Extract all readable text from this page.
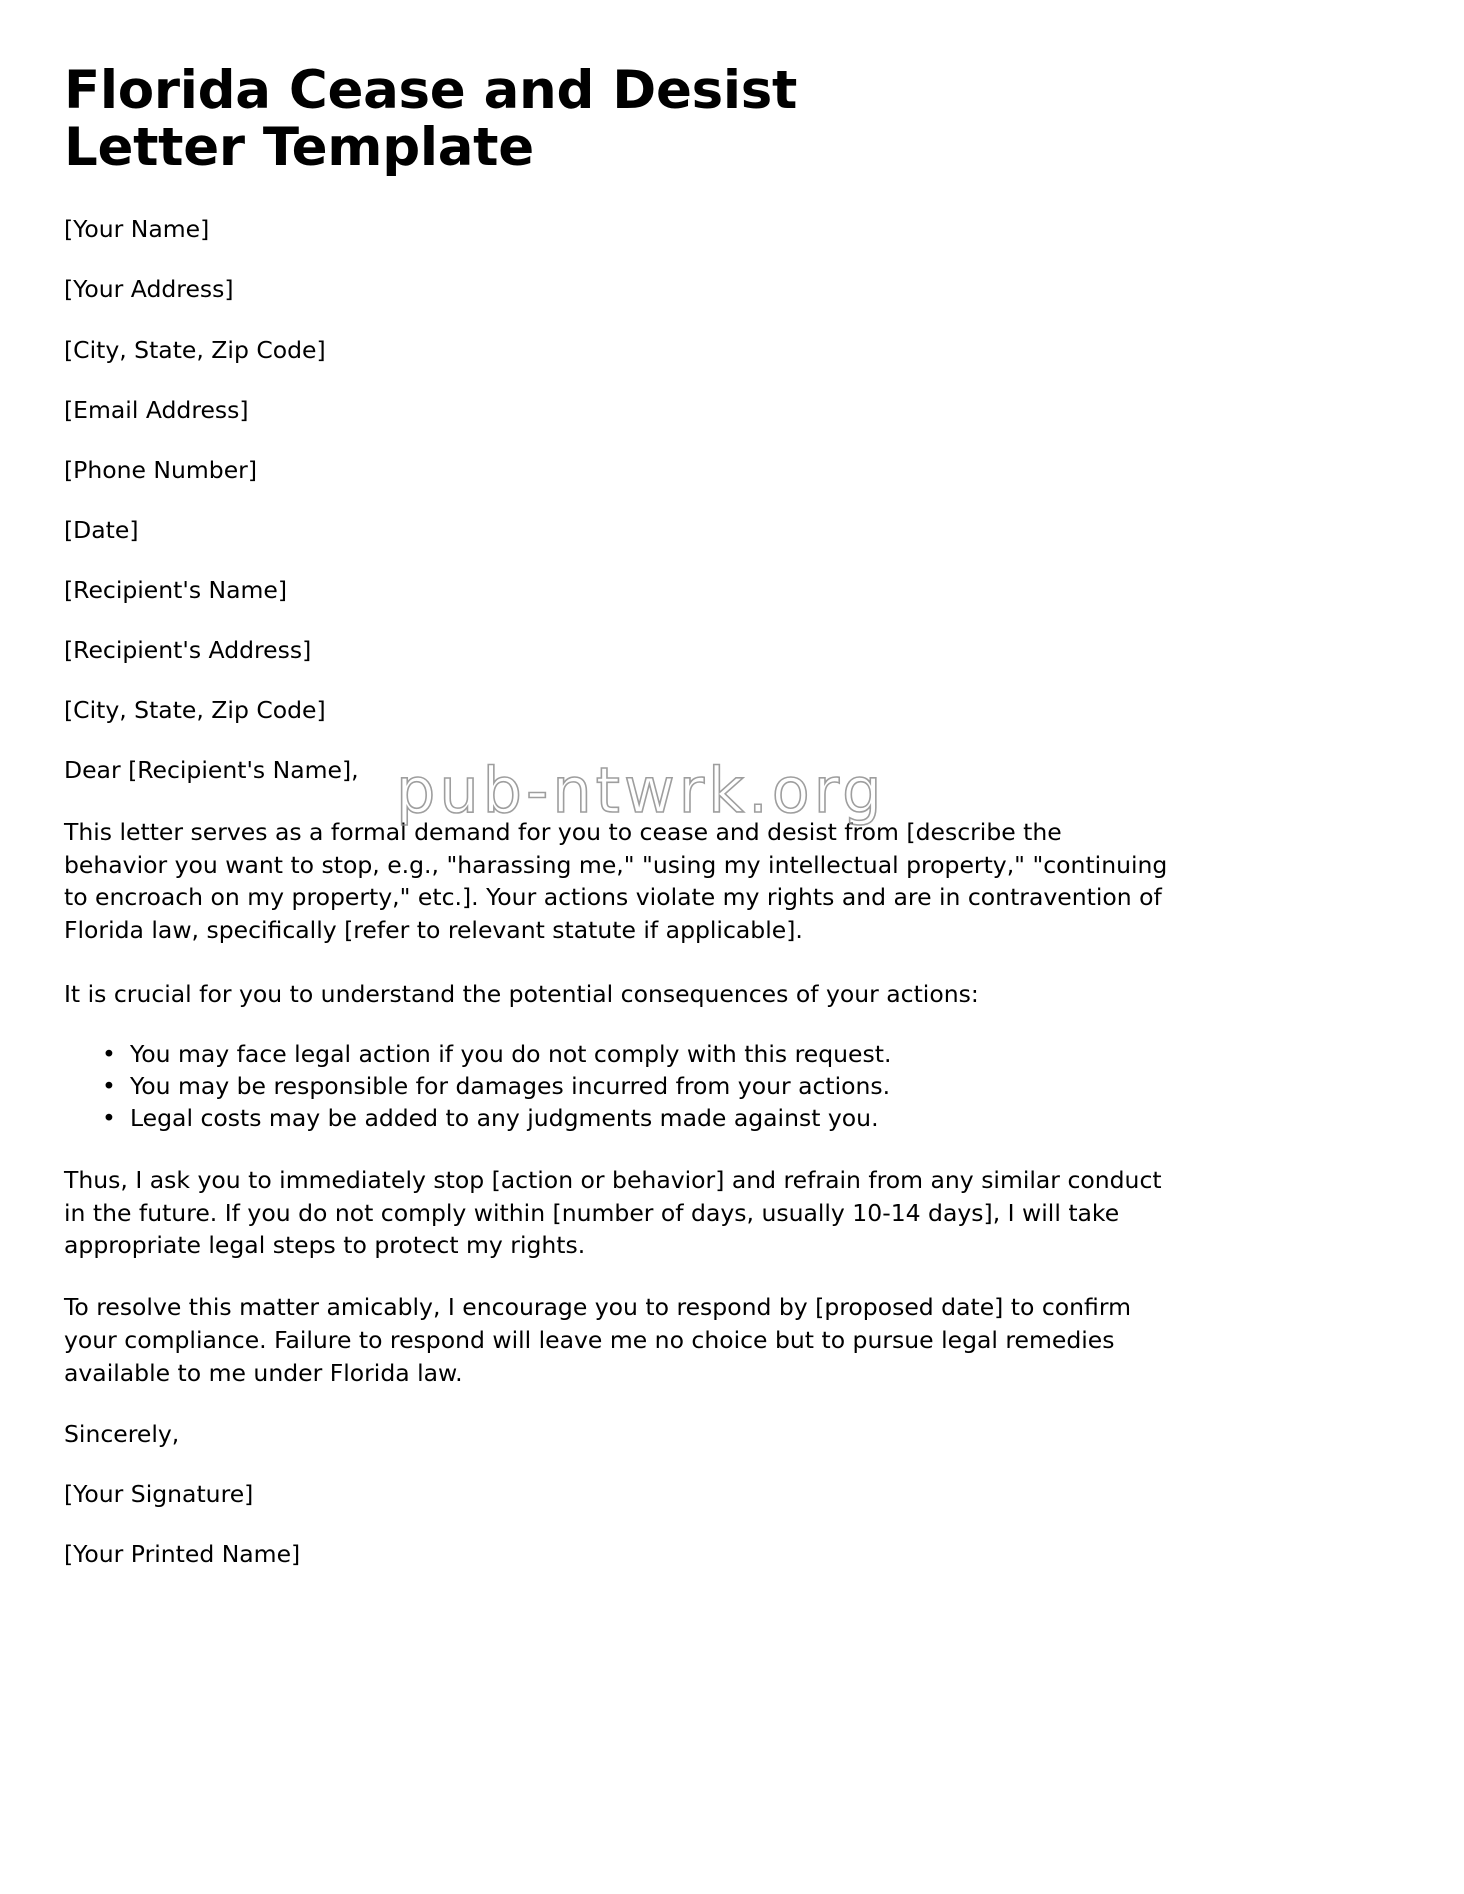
Florida Cease and Desist Letter Template

[Your Name]

[Your Address]

[City, State, Zip Code]

[Email Address]

[Phone Number]

[Date]

[Recipient's Name]

[Recipient's Address]

[City, State, Zip Code]

Dear [Recipient's Name],

This letter serves as a formal demand for you to cease and desist from [describe the behavior you want to stop, e.g., "harassing me," "using my intellectual property," "continuing to encroach on my property," etc.]. Your actions violate my rights and are in contravention of Florida law, specifically [refer to relevant statute if applicable].

It is crucial for you to understand the potential consequences of your actions:

• You may face legal action if you do not comply with this request.
• You may be responsible for damages incurred from your actions.
• Legal costs may be added to any judgments made against you.

Thus, I ask you to immediately stop [action or behavior] and refrain from any similar conduct in the future. If you do not comply within [number of days, usually 10-14 days], I will take appropriate legal steps to protect my rights.

To resolve this matter amicably, I encourage you to respond by [proposed date] to confirm your compliance. Failure to respond will leave me no choice but to pursue legal remedies available to me under Florida law.

Sincerely,

[Your Signature]

[Your Printed Name]
